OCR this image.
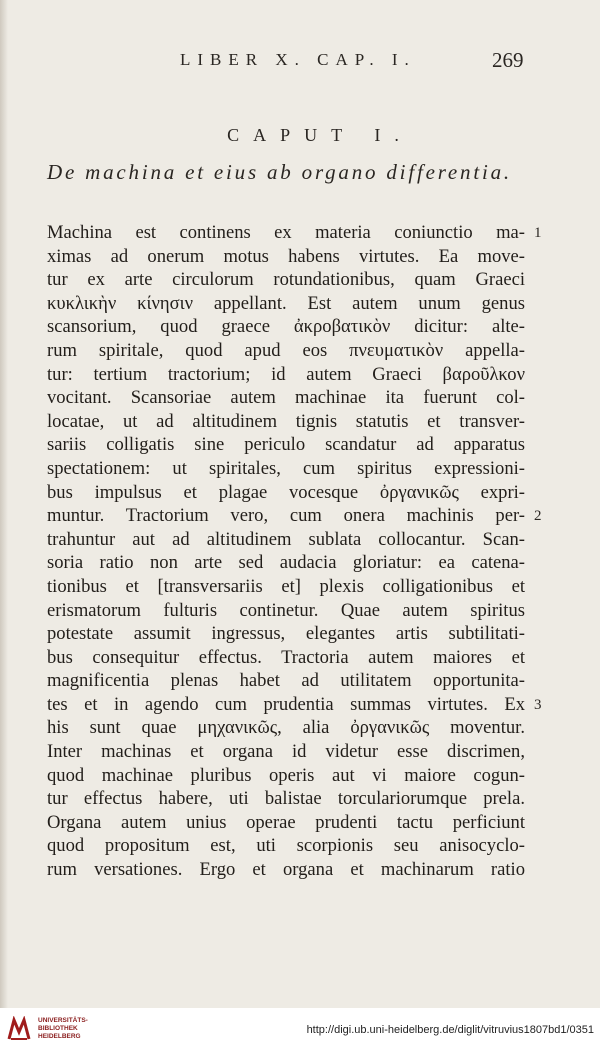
LIBER X. CAP. I.	269
CAPUT I.
De machina et eius ab organo differentia.
Machina est continens ex materia coniunctio ma-
ximas ad onerum motus habens virtutes. Ea move-
tur ex arte circulorum rotundationibus, quam Graeci
κυκλικὴν κίνησιν appellant. Est autem unum genus
scansorium, quod graece ἀκροβατικὸν dicitur: alte-
rum spiritale, quod apud eos πνευματικὸν appella-
tur: tertium tractorium; id autem Graeci βαροῦλκον
vocitant. Scansoriae autem machinae ita fuerunt col-
locatae, ut ad altitudinem tignis statutis et transver-
sariis colligatis sine periculo scandatur ad apparatus
spectationem: ut spiritales, cum spiritus expressioni-
bus impulsus et plagae vocesque ὀργανικῶς expri-
muntur. Tractorium vero, cum onera machinis per-
trahuntur aut ad altitudinem sublata collocantur. Scan-
soria ratio non arte sed audacia gloriatur: ea catena-
tionibus et [transversariis et] plexis colligationibus et
erismatorum fulturis continetur. Quae autem spiritus
potestate assumit ingressus, elegantes artis subtilitati-
bus consequitur effectus. Tractoria autem maiores et
magnificentia plenas habet ad utilitatem opportunita-
tes et in agendo cum prudentia summas virtutes. Ex
his sunt quae μηχανικῶς, alia ὀργανικῶς moventur.
Inter machinas et organa id videtur esse discrimen,
quod machinae pluribus operis aut vi maiore cogun-
tur effectus habere, uti balistae torculariorumque prela.
Organa autem unius operae prudenti tactu perficiunt
quod propositum est, uti scorpionis seu anisocyclo-
rum versationes. Ergo et organa et machinarum ratio
1
2
3
UNIVERSITÄTS-
BIBLIOTHEK
HEIDELBERG
http://digi.ub.uni-heidelberg.de/diglit/vitruvius1807bd1/0351
